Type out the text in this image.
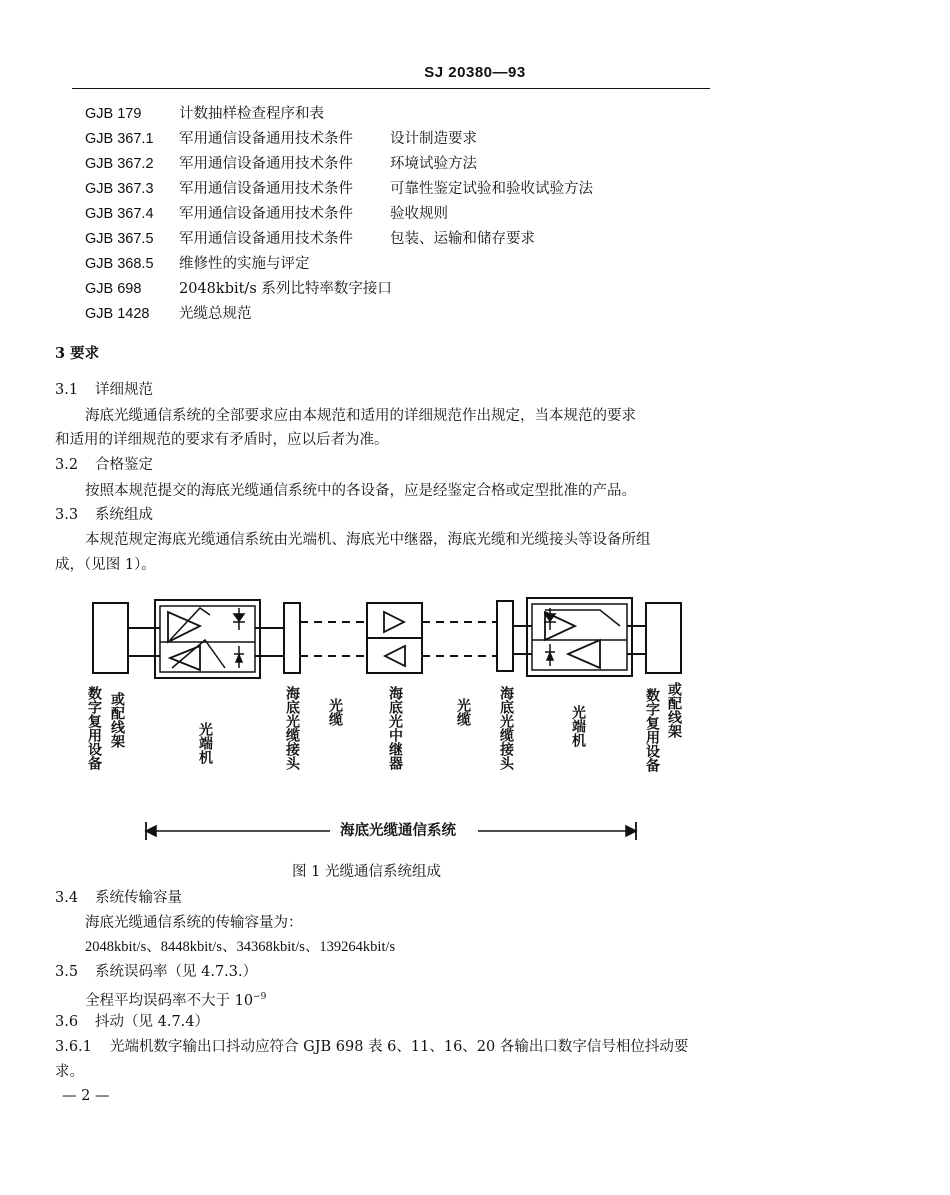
SJ 20380—93
GJB 179	计数抽样检查程序和表
GJB 367.1 军用通信设备通用技术条件	设计制造要求
GJB 367.2 军用通信设备通用技术条件	环境试验方法
GJB 367.3 军用通信设备通用技术条件	可靠性鉴定试验和验收试验方法
GJB 367.4 军用通信设备通用技术条件	验收规则
GJB 367.5 军用通信设备通用技术条件	包装、运输和储存要求
GJB 368.5 维修性的实施与评定
GJB 698	2048kbit/s 系列比特率数字接口
GJB 1428 光缆总规范
3 要求
3.1 详细规范
海底光缆通信系统的全部要求应由本规范和适用的详细规范作出规定，当本规范的要求
和适用的详细规范的要求有矛盾时，应以后者为准。
3.2 合格鉴定
按照本规范提交的海底光缆通信系统中的各设备，应是经鉴定合格或定型批准的产品。
3.3 系统组成
本规范规定海底光缆通信系统由光端机、海底光中继器，海底光缆和光缆接头等设备所组
成，（见图 1）。
数字复用设备 或配线架	光端机	海底光缆接头 光缆	海底光中继器	光缆 海底光缆接头	光端机	数字复用设备 或配线架
海底光缆通信系统
图 1 光缆通信系统组成
3.4 系统传输容量
海底光缆通信系统的传输容量为：
2048kbit/s、8448kbit/s、34368kbit/s、139264kbit/s
3.5 系统误码率（见 4.7.3.）
全程平均误码率不大于 $10^{-9}$
3.6 抖动（见 4.7.4）
3.6.1 光端机数字输出口抖动应符合 GJB 698 表 6、11、16、20 各输出口数字信号相位抖动要
求。
— 2 —
